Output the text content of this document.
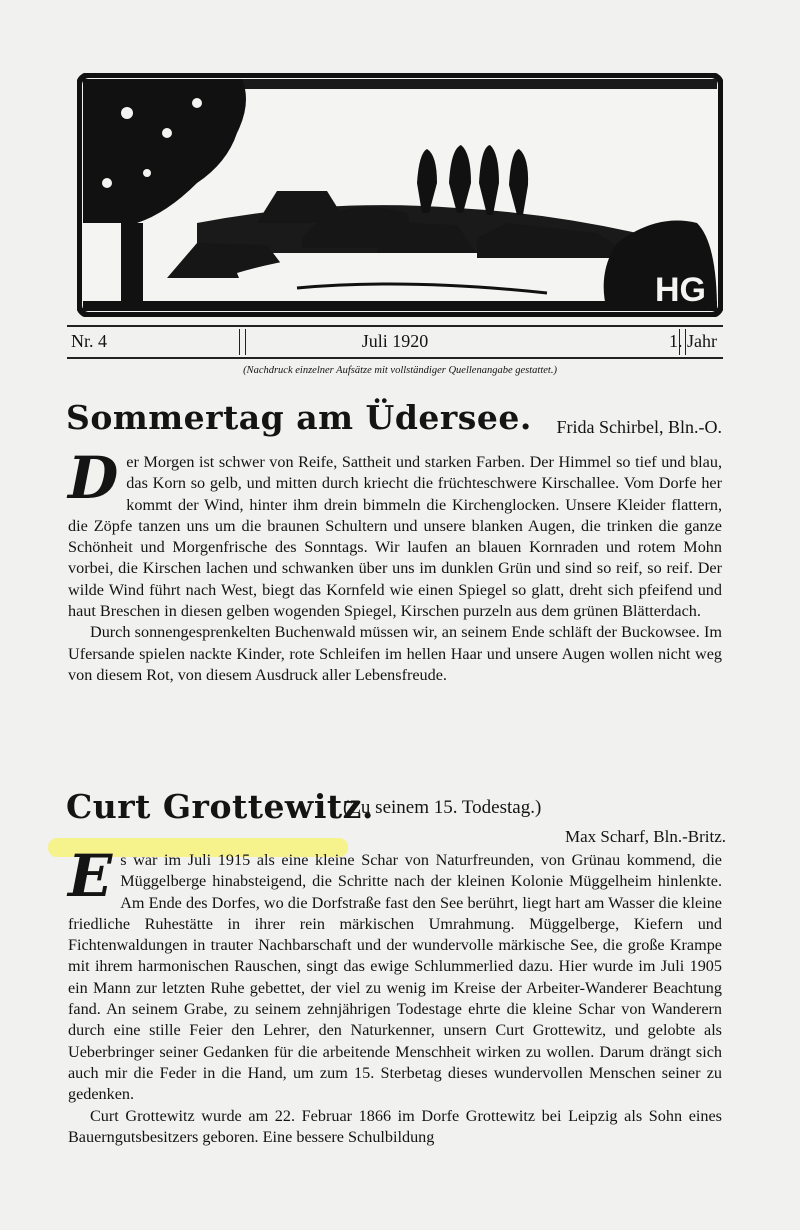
HG
Nr. 4	Juli 1920	1. Jahr
(Nachdruck einzelner Aufsätze mit vollständiger Quellenangabe gestattet.)
Sommertag am Üdersee. Frida Schirbel, Bln.-O.

Der Morgen ist schwer von Reife, Sattheit und starken Farben. Der Himmel so tief und blau, das Korn so gelb, und mitten durch kriecht die früchteschwere Kirschallee. Vom Dorfe her kommt der Wind, hinter ihm drein bimmeln die Kirchenglocken. Unsere Kleider flattern, die Zöpfe tanzen uns um die braunen Schultern und unsere blanken Augen, die trinken die ganze Schönheit und Morgenfrische des Sonntags. Wir laufen an blauen Kornraden und rotem Mohn vorbei, die Kirschen lachen und schwanken über uns im dunklen Grün und sind so reif, so reif. Der wilde Wind führt nach West, biegt das Kornfeld wie einen Spiegel so glatt, dreht sich pfeifend und haut Breschen in diesen gelben wogenden Spiegel, Kirschen purzeln aus dem grünen Blätterdach.

Durch sonnengesprenkelten Buchenwald müssen wir, an seinem Ende schläft der Buckowsee. Im Ufersande spielen nackte Kinder, rote Schleifen im hellen Haar und unsere Augen wollen nicht weg von diesem Rot, von diesem Ausdruck aller Lebensfreude.

Curt Grottewitz.
(Zu seinem 15. Todestag.)
Max Scharf, Bln.-Britz.

Es war im Juli 1915 als eine kleine Schar von Naturfreunden, von Grünau kommend, die Müggelberge hinabsteigend, die Schritte nach der kleinen Kolonie Müggelheim hinlenkte. Am Ende des Dorfes, wo die Dorfstraße fast den See berührt, liegt hart am Wasser die kleine friedliche Ruhestätte in ihrer rein märkischen Umrahmung. Müggelberge, Kiefern und Fichtenwaldungen in trauter Nachbarschaft und der wundervolle märkische See, die große Krampe mit ihrem harmonischen Rauschen, singt das ewige Schlummerlied dazu. Hier wurde im Juli 1905 ein Mann zur letzten Ruhe gebettet, der viel zu wenig im Kreise der Arbeiter-Wanderer Beachtung fand. An seinem Grabe, zu seinem zehnjährigen Todestage ehrte die kleine Schar von Wanderern durch eine stille Feier den Lehrer, den Naturkenner, unsern Curt Grottewitz, und gelobte als Ueberbringer seiner Gedanken für die arbeitende Menschheit wirken zu wollen. Darum drängt sich auch mir die Feder in die Hand, um zum 15. Sterbetag dieses wundervollen Menschen seiner zu gedenken.

Curt Grottewitz wurde am 22. Februar 1866 im Dorfe Grottewitz bei Leipzig als Sohn eines Bauerngutsbesitzers geboren. Eine bessere Schulbildung
